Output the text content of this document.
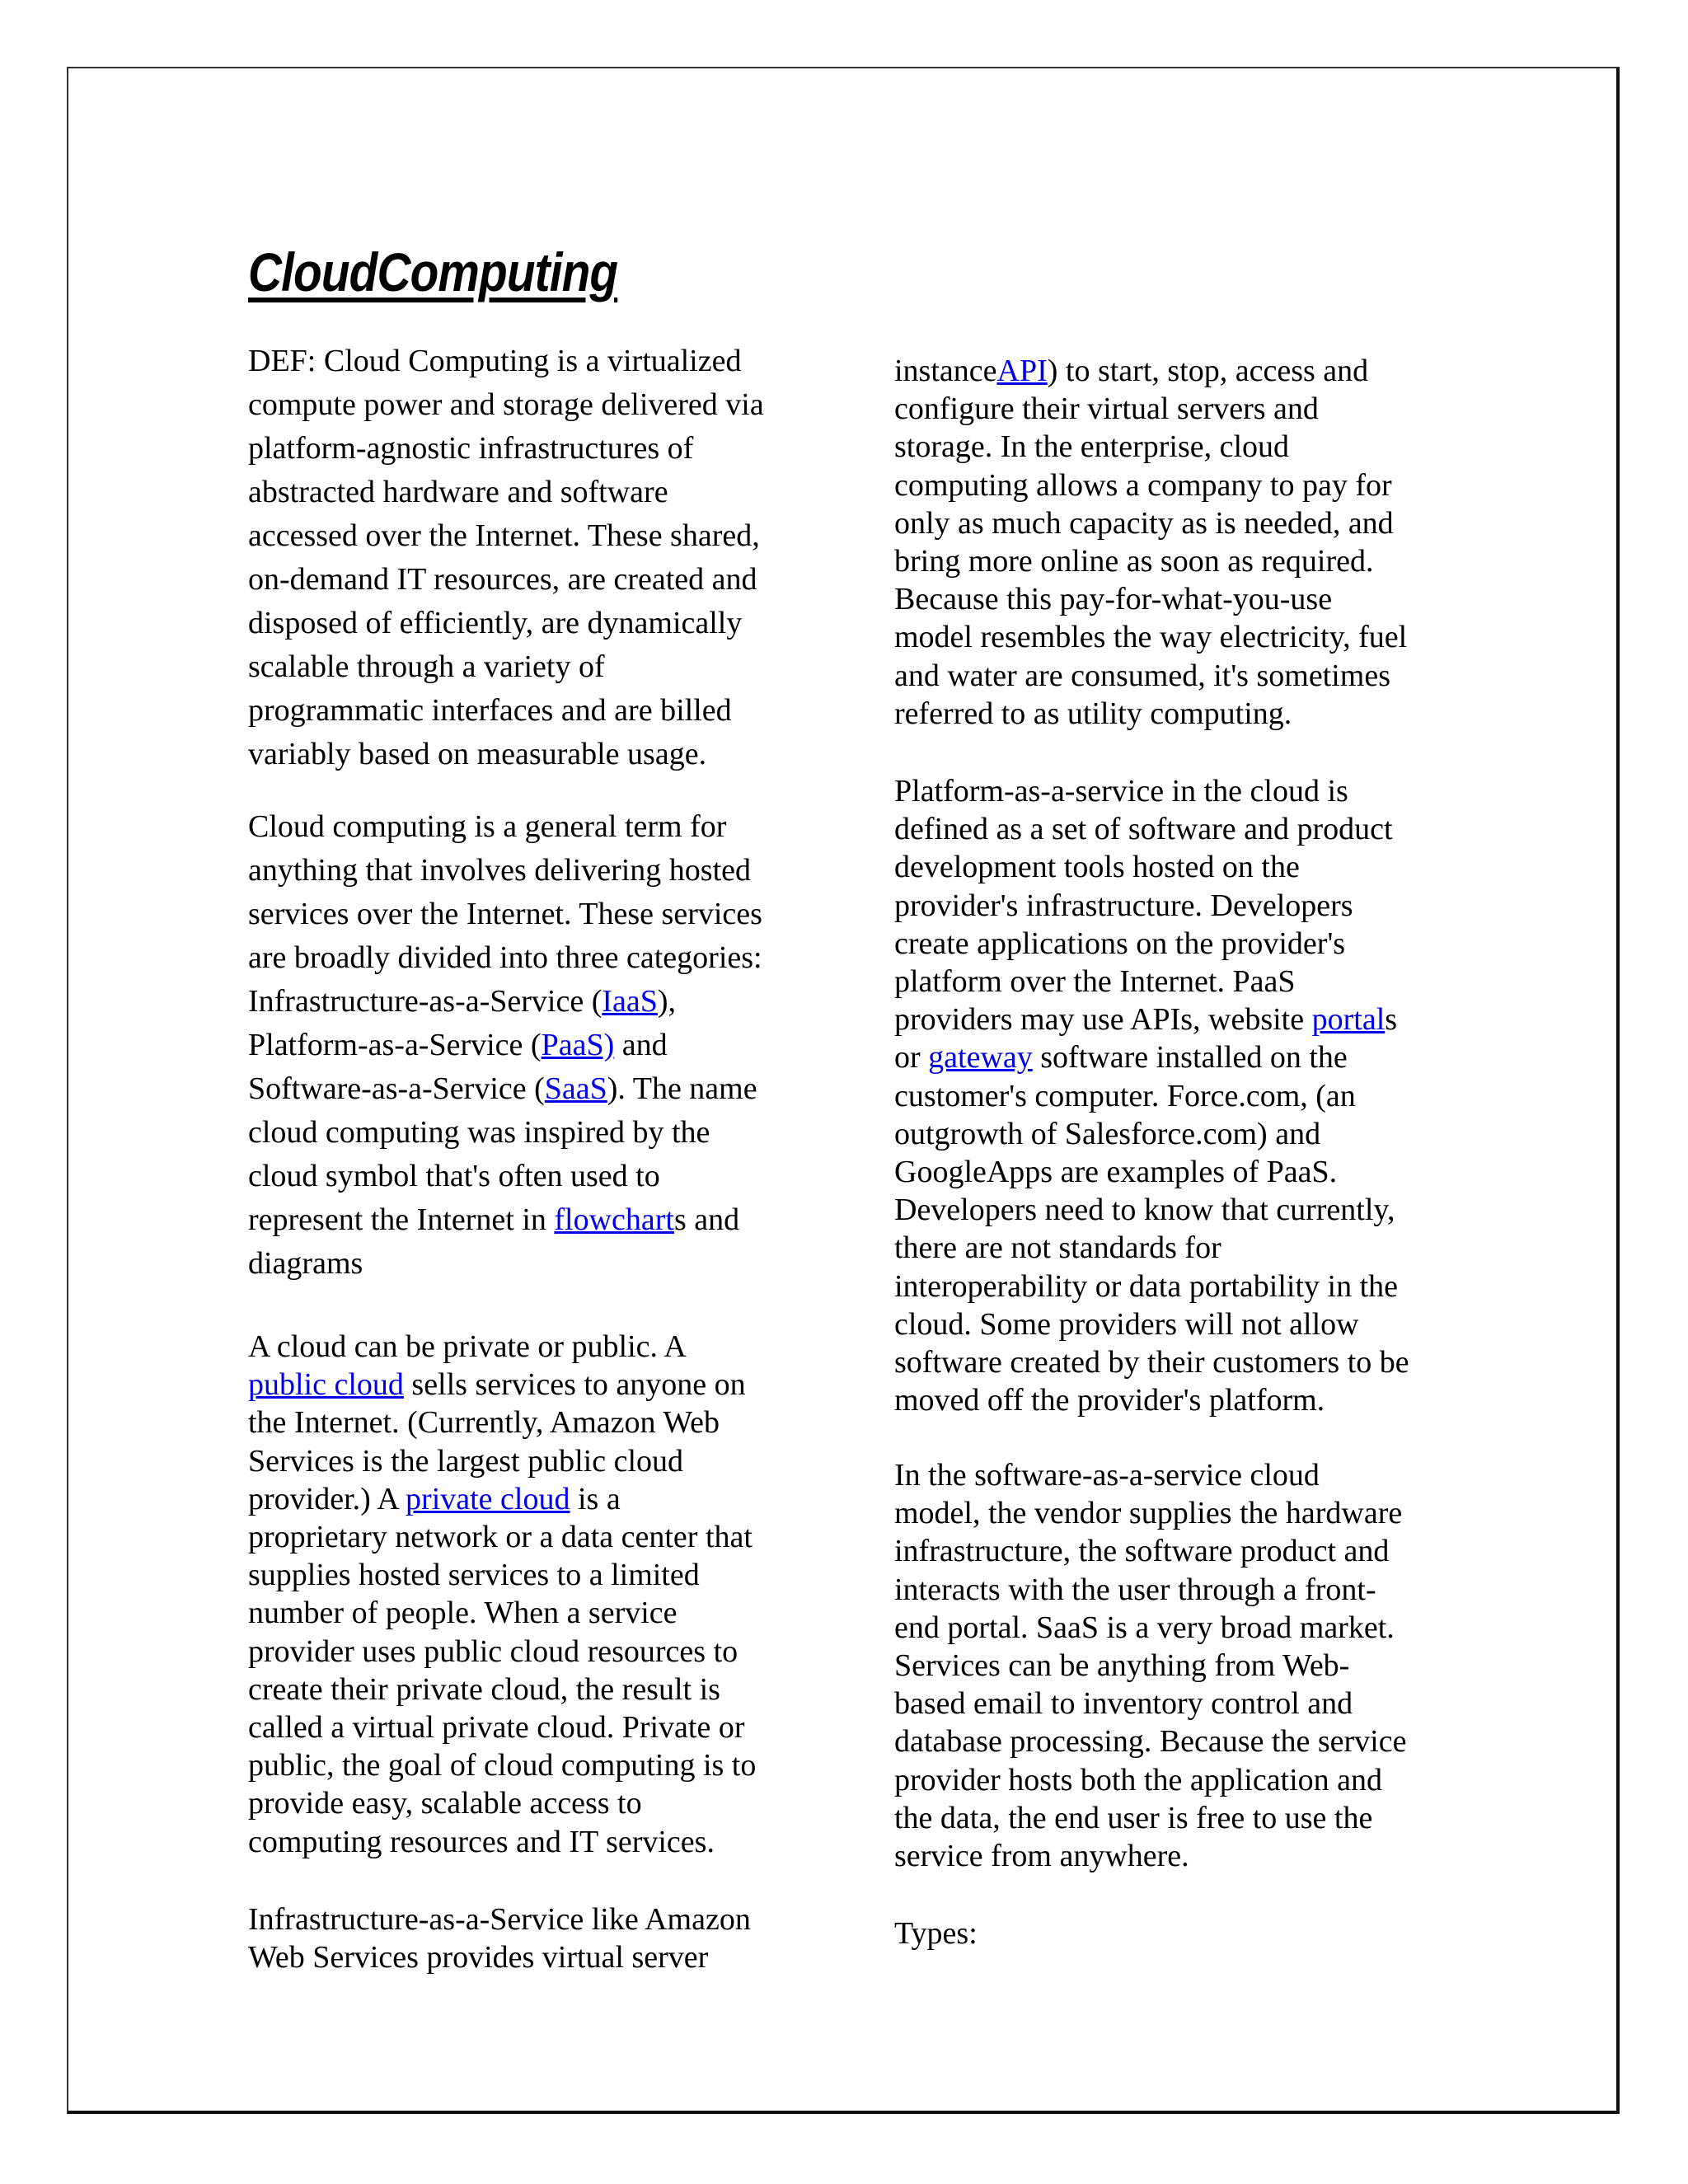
CloudComputing
DEF: Cloud Computing is a virtualized
compute power and storage delivered via
platform-agnostic infrastructures of
abstracted hardware and software
accessed over the Internet. These shared,
on-demand IT resources, are created and
disposed of efficiently, are dynamically
scalable through a variety of
programmatic interfaces and are billed
variably based on measurable usage.
Cloud computing is a general term for
anything that involves delivering hosted
services over the Internet. These services
are broadly divided into three categories:
Infrastructure-as-a-Service (IaaS),
Platform-as-a-Service (PaaS) and
Software-as-a-Service (SaaS). The name
cloud computing was inspired by the
cloud symbol that's often used to
represent the Internet in flowcharts and
diagrams
A cloud can be private or public. A
public cloud sells services to anyone on
the Internet. (Currently, Amazon Web
Services is the largest public cloud
provider.) A private cloud is a
proprietary network or a data center that
supplies hosted services to a limited
number of people. When a service
provider uses public cloud resources to
create their private cloud, the result is
called a virtual private cloud. Private or
public, the goal of cloud computing is to
provide easy, scalable access to
computing resources and IT services.
Infrastructure-as-a-Service like Amazon
Web Services provides virtual server
instanceAPI) to start, stop, access and
configure their virtual servers and
storage. In the enterprise, cloud
computing allows a company to pay for
only as much capacity as is needed, and
bring more online as soon as required.
Because this pay-for-what-you-use
model resembles the way electricity, fuel
and water are consumed, it's sometimes
referred to as utility computing.
Platform-as-a-service in the cloud is
defined as a set of software and product
development tools hosted on the
provider's infrastructure. Developers
create applications on the provider's
platform over the Internet. PaaS
providers may use APIs, website portals
or gateway software installed on the
customer's computer. Force.com, (an
outgrowth of Salesforce.com) and
GoogleApps are examples of PaaS.
Developers need to know that currently,
there are not standards for
interoperability or data portability in the
cloud. Some providers will not allow
software created by their customers to be
moved off the provider's platform.
In the software-as-a-service cloud
model, the vendor supplies the hardware
infrastructure, the software product and
interacts with the user through a front-
end portal. SaaS is a very broad market.
Services can be anything from Web-
based email to inventory control and
database processing. Because the service
provider hosts both the application and
the data, the end user is free to use the
service from anywhere.
Types:
